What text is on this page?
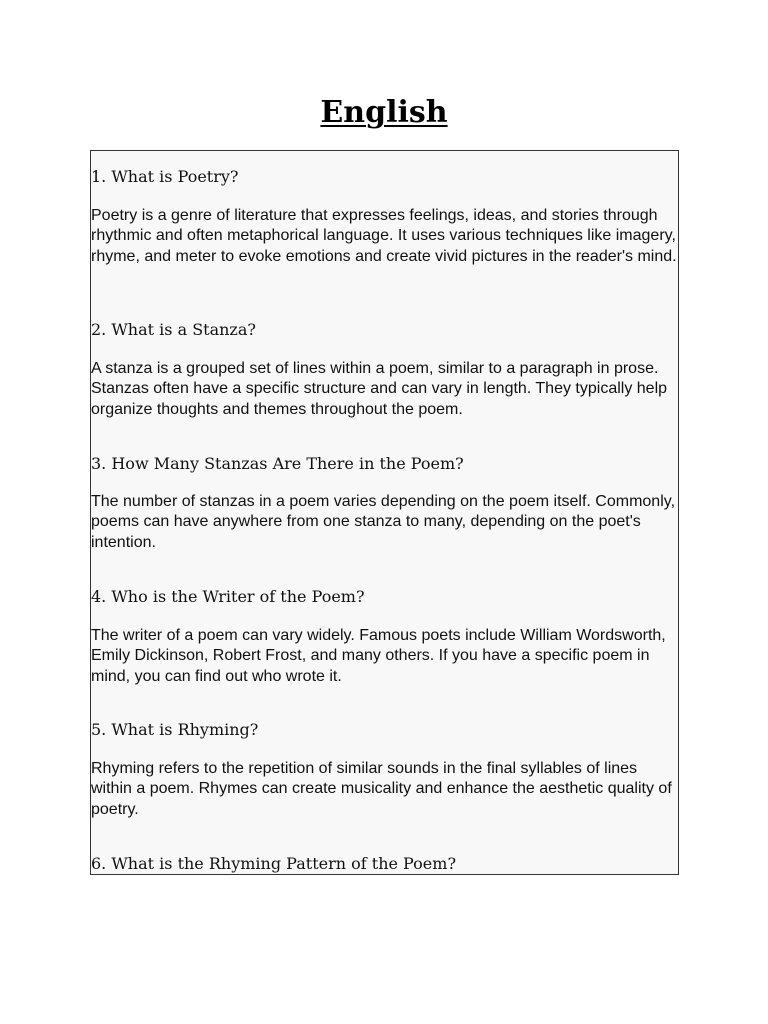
English
1. What is Poetry?

Poetry is a genre of literature that expresses feelings, ideas, and stories through rhythmic and often metaphorical language. It uses various techniques like imagery, rhyme, and meter to evoke emotions and create vivid pictures in the reader's mind.

2. What is a Stanza?

A stanza is a grouped set of lines within a poem, similar to a paragraph in prose. Stanzas often have a specific structure and can vary in length. They typically help organize thoughts and themes throughout the poem.

3. How Many Stanzas Are There in the Poem?

The number of stanzas in a poem varies depending on the poem itself. Commonly, poems can have anywhere from one stanza to many, depending on the poet's intention.

4. Who is the Writer of the Poem?

The writer of a poem can vary widely. Famous poets include William Wordsworth, Emily Dickinson, Robert Frost, and many others. If you have a specific poem in mind, you can find out who wrote it.

5. What is Rhyming?

Rhyming refers to the repetition of similar sounds in the final syllables of lines within a poem. Rhymes can create musicality and enhance the aesthetic quality of poetry.

6. What is the Rhyming Pattern of the Poem?
